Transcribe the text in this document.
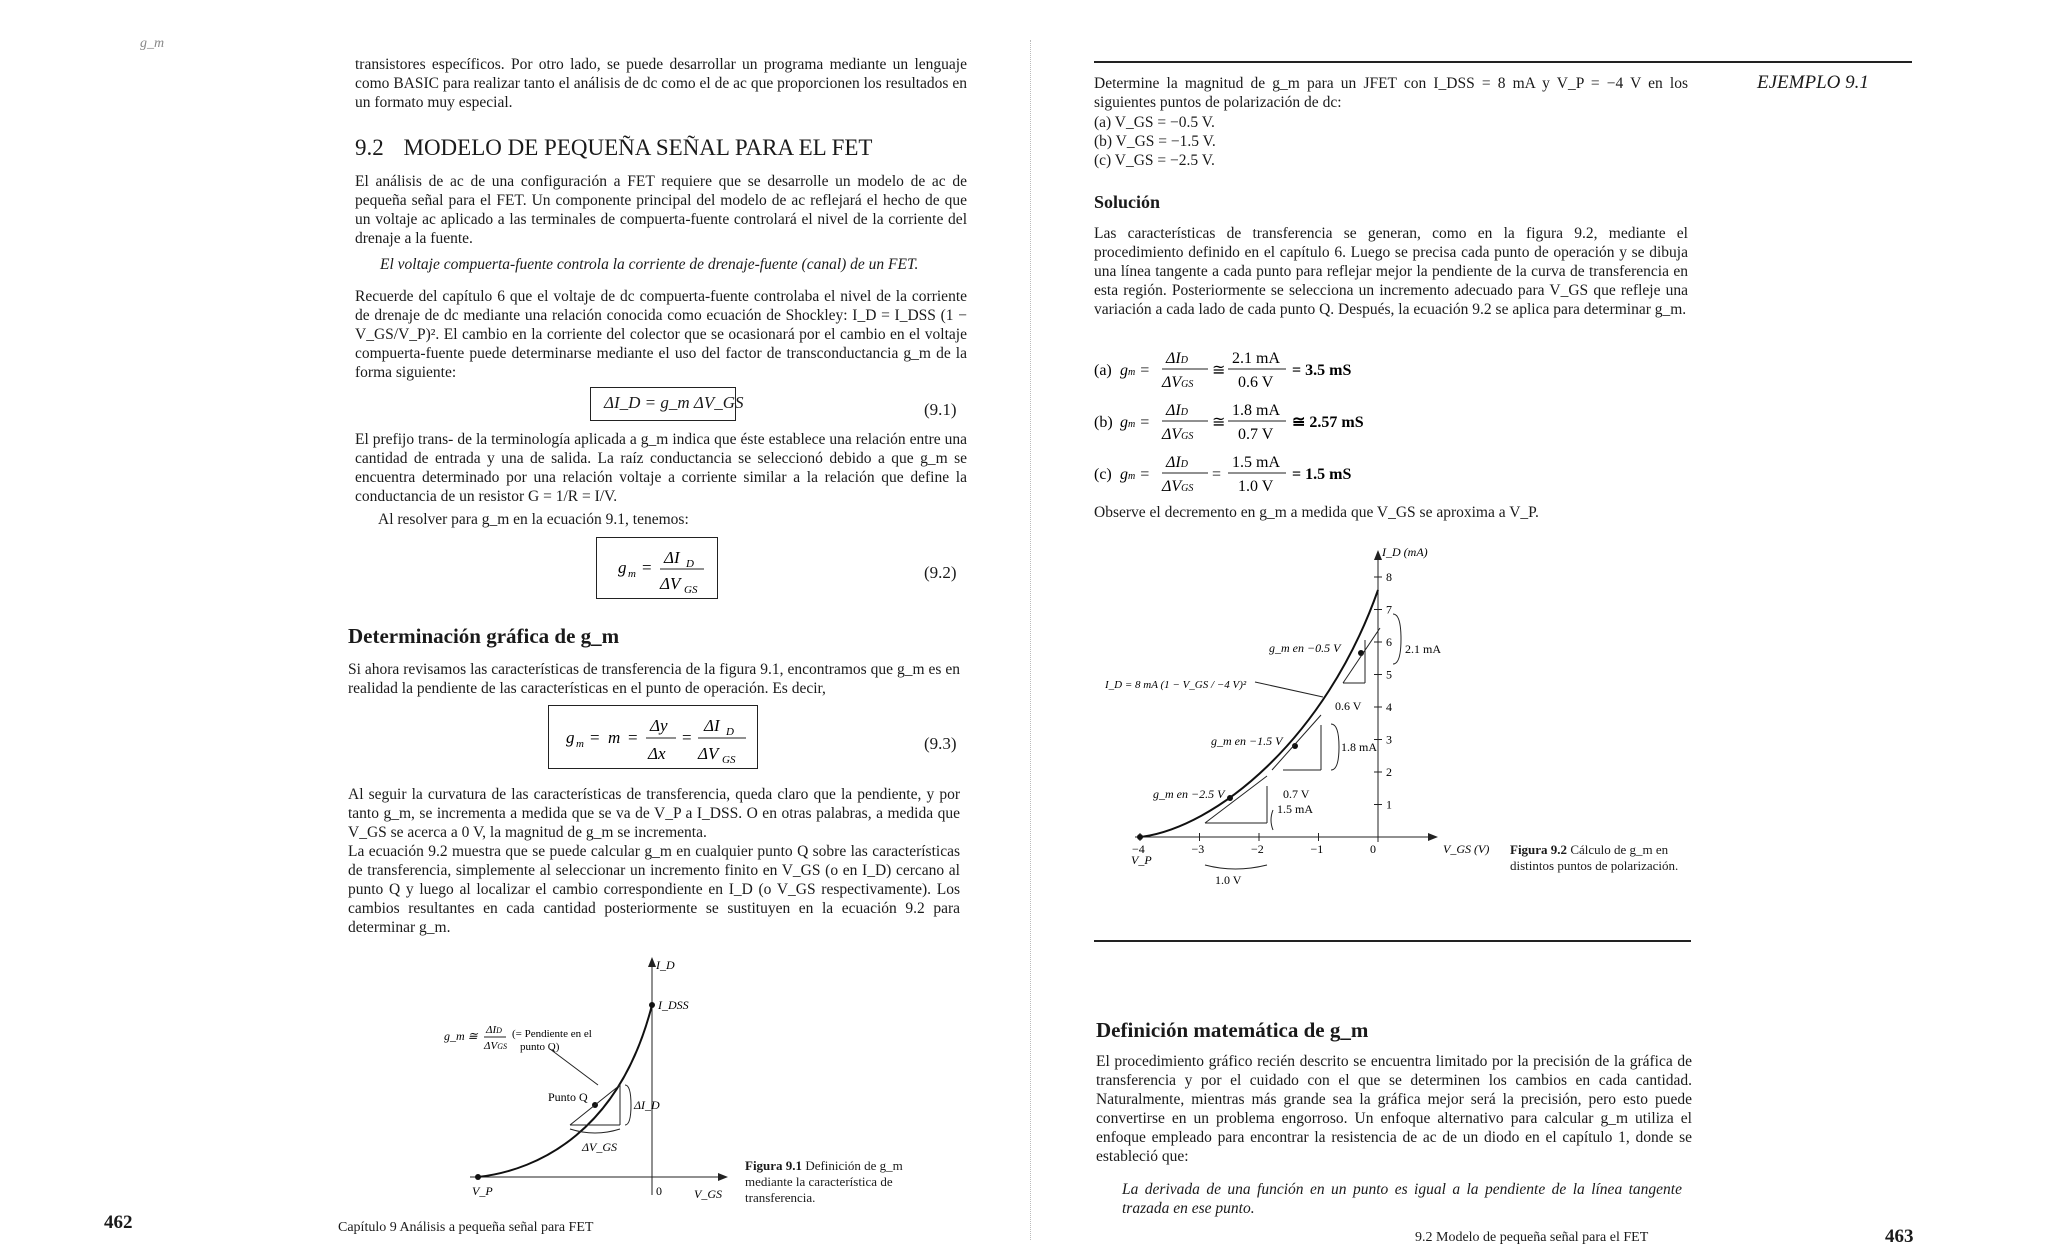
g_m
transistores específicos. Por otro lado, se puede desarrollar un programa mediante un lenguaje como BASIC para realizar tanto el análisis de dc como el de ac que proporcionen los resultados en un formato muy especial.
9.2 MODELO DE PEQUEÑA SEÑAL PARA EL FET
El análisis de ac de una configuración a FET requiere que se desarrolle un modelo de ac de pequeña señal para el FET. Un componente principal del modelo de ac reflejará el hecho de que un voltaje ac aplicado a las terminales de compuerta-fuente controlará el nivel de la corriente del drenaje a la fuente.
El voltaje compuerta-fuente controla la corriente de drenaje-fuente (canal) de un FET.
Recuerde del capítulo 6 que el voltaje de dc compuerta-fuente controlaba el nivel de la corriente de drenaje de dc mediante una relación conocida como ecuación de Shockley: I_D = I_DSS (1 − V_GS/V_P)². El cambio en la corriente del colector que se ocasionará por el cambio en el voltaje compuerta-fuente puede determinarse mediante el uso del factor de transconductancia g_m de la forma siguiente:
ΔI_D = g_m ΔV_GS	(9.1)
El prefijo trans- de la terminología aplicada a g_m indica que éste establece una relación entre una cantidad de entrada y una de salida. La raíz conductancia se seleccionó debido a que g_m se encuentra determinado por una relación voltaje a corriente similar a la relación que define la conductancia de un resistor G = 1/R = I/V.
Al resolver para g_m en la ecuación 9.1, tenemos:
g m =
ΔI D
ΔV GS
(9.2)
Determinación gráfica de g_m
Si ahora revisamos las características de transferencia de la figura 9.1, encontramos que g_m es en realidad la pendiente de las características en el punto de operación. Es decir,
g m = m =
Δy
Δx
=
ΔI D
ΔV GS
(9.3)
Al seguir la curvatura de las características de transferencia, queda claro que la pendiente, y por tanto g_m, se incrementa a medida que se va de V_P a I_DSS. O en otras palabras, a medida que V_GS se acerca a 0 V, la magnitud de g_m se incrementa.
La ecuación 9.2 muestra que se puede calcular g_m en cualquier punto Q sobre las características de transferencia, simplemente al seleccionar un incremento finito en V_GS (o en I_D) cercano al punto Q y luego al localizar el cambio correspondiente en I_D (o V_GS respectivamente). Los cambios resultantes en cada cantidad posteriormente se sustituyen en la ecuación 9.2 para determinar g_m.
I_D
I_DSS
g_m ≅ ΔID
ΔVGS
(= Pendiente en el
punto Q)
Punto Q
ΔI_D
ΔV_GS
V_P	0	V_GS
Figura 9.1 Definición de g_m mediante la característica de transferencia.
462	Capítulo 9 Análisis a pequeña señal para FET
EJEMPLO 9.1
Determine la magnitud de g_m para un JFET con I_DSS = 8 mA y V_P = −4 V en los siguientes puntos de polarización de dc:
(a) V_GS = −0.5 V.
(b) V_GS = −1.5 V.
(c) V_GS = −2.5 V.
Solución
Las características de transferencia se generan, como en la figura 9.2, mediante el procedimiento definido en el capítulo 6. Luego se precisa cada punto de operación y se dibuja una línea tangente a cada punto para reflejar mejor la pendiente de la curva de transferencia en esta región. Posteriormente se selecciona un incremento adecuado para V_GS que refleje una variación a cada lado de cada punto Q. Después, la ecuación 9.2 se aplica para determinar g_m.
(a) gm =
ΔID
ΔVGS
≅
2.1 mA
0.6 V
= 3.5 mS
(b) gm =
ΔID
ΔVGS
≅
1.8 mA
0.7 V
≅ 2.57 mS
(c) gm =
ΔID
ΔVGS
=
1.5 mA
1.0 V
= 1.5 mS
Observe el decremento en g_m a medida que V_GS se aproxima a V_P.
8
7
6
5
4
3
2
1
−4	−3	−2	−1	0
I_D (mA)
V_GS (V)
V_P
g_m en −0.5 V
g_m en −1.5 V
g_m en −2.5 V
2.1 mA
0.6 V
1.8 mA
0.7 V
1.5 mA
1.0 V
I_D = 8 mA (1 − V_GS / −4 V)²
Figura 9.2 Cálculo de g_m en distintos puntos de polarización.
Definición matemática de g_m
El procedimiento gráfico recién descrito se encuentra limitado por la precisión de la gráfica de transferencia y por el cuidado con el que se determinen los cambios en cada cantidad. Naturalmente, mientras más grande sea la gráfica mejor será la precisión, pero esto puede convertirse en un problema engorroso. Un enfoque alternativo para calcular g_m utiliza el enfoque empleado para encontrar la resistencia de ac de un diodo en el capítulo 1, donde se estableció que:
La derivada de una función en un punto es igual a la pendiente de la línea tangente trazada en ese punto.
9.2 Modelo de pequeña señal para el FET	463
